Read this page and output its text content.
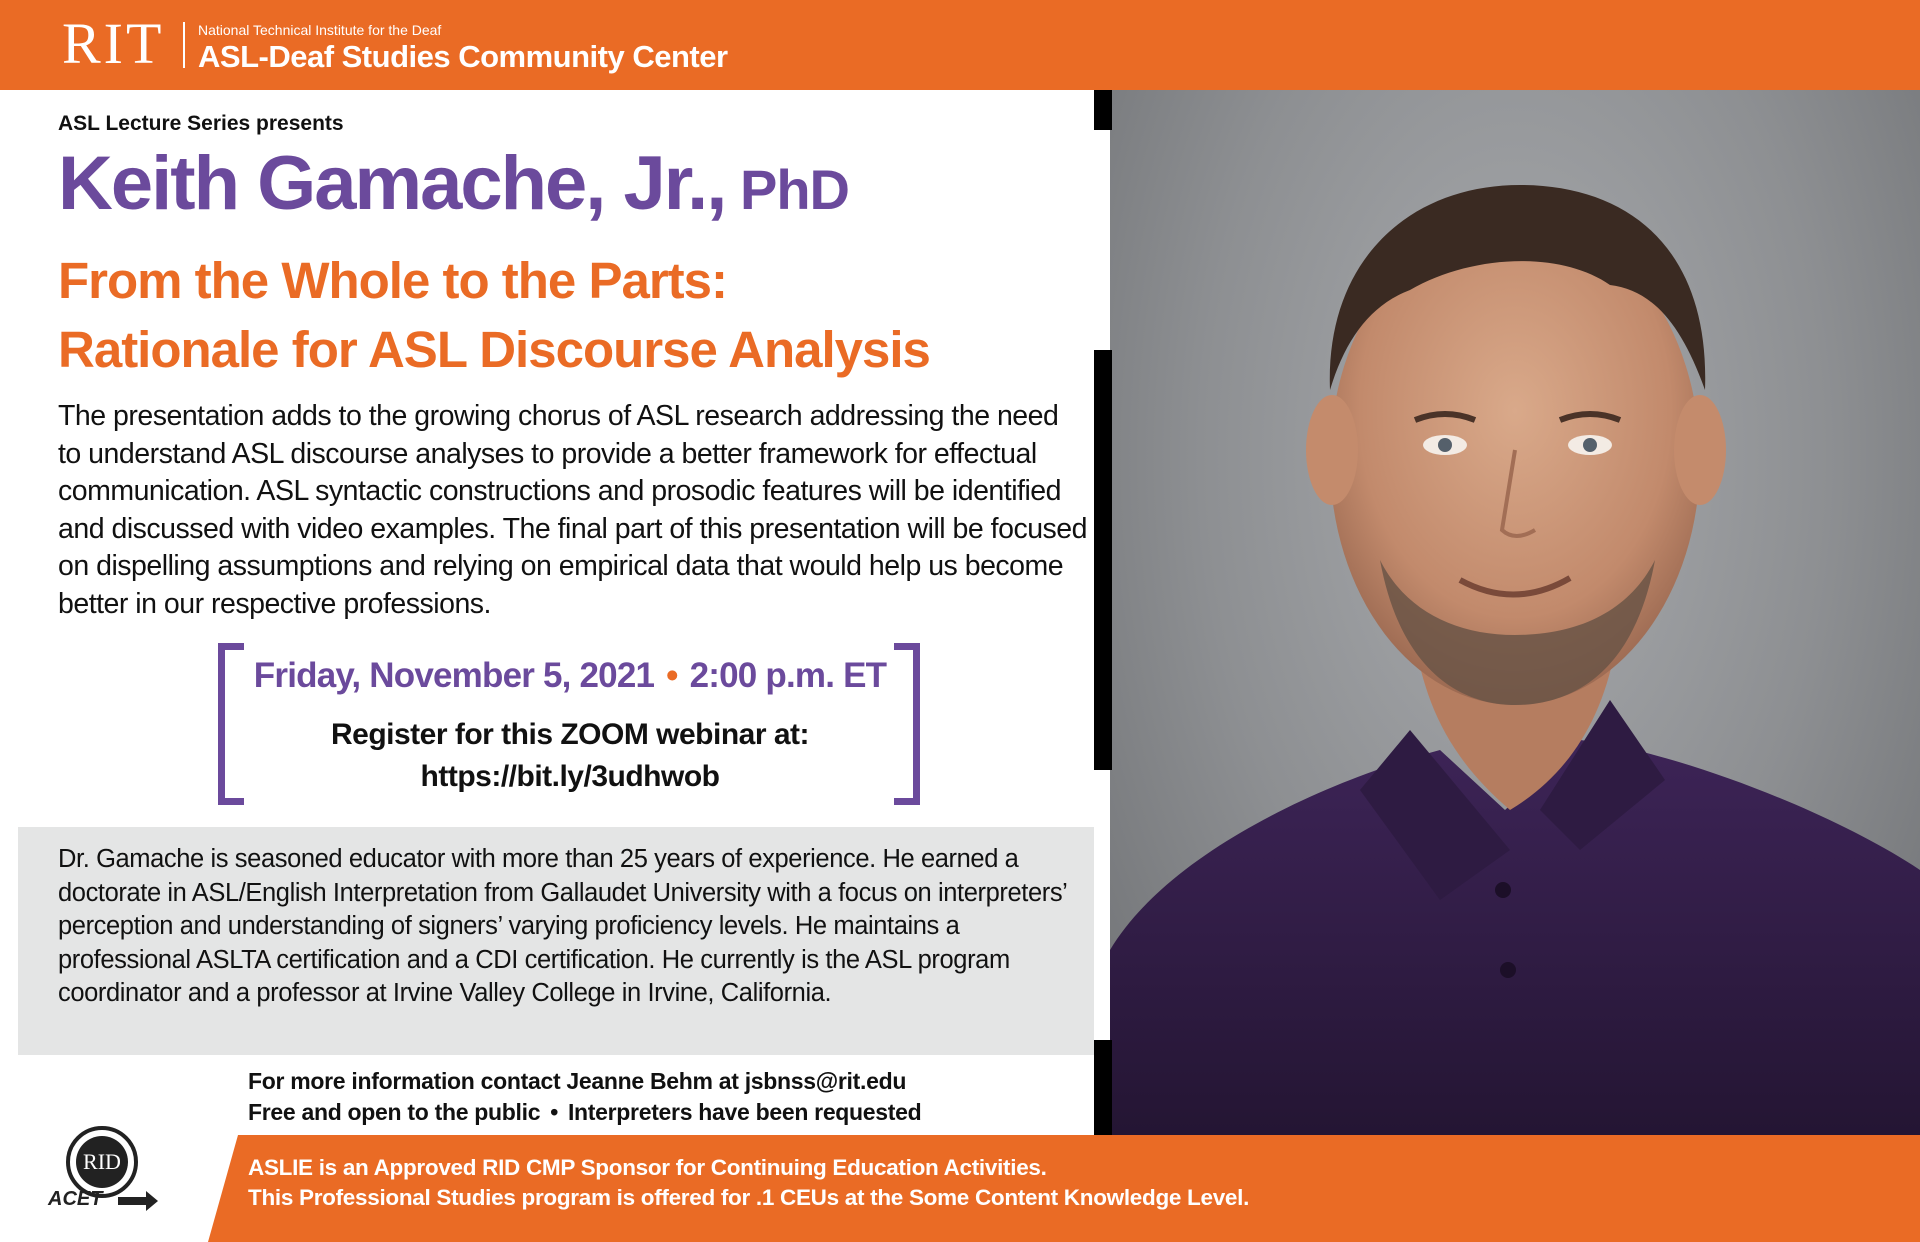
RIT National Technical Institute for the Deaf
ASL-Deaf Studies Community Center
ASL Lecture Series presents
Keith Gamache, Jr., PhD
From the Whole to the Parts:
Rationale for ASL Discourse Analysis
The presentation adds to the growing chorus of ASL research addressing the need to understand ASL discourse analyses to provide a better framework for effectual communication. ASL syntactic constructions and prosodic features will be identified and discussed with video examples. The final part of this presentation will be focused on dispelling assumptions and relying on empirical data that would help us become better in our respective professions.
Friday, November 5, 2021 • 2:00 p.m. ET
Register for this ZOOM webinar at:
https://bit.ly/3udhwob
Dr. Gamache is seasoned educator with more than 25 years of experience. He earned a doctorate in ASL/English Interpretation from Gallaudet University with a focus on interpreters’ perception and understanding of signers’ varying proficiency levels. He maintains a professional ASLTA certification and a CDI certification. He currently is the ASL program coordinator and a professor at Irvine Valley College in Irvine, California.
For more information contact Jeanne Behm at jsbnss@rit.edu
Free and open to the public • Interpreters have been requested
ASLIE is an Approved RID CMP Sponsor for Continuing Education Activities.
This Professional Studies program is offered for .1 CEUs at the Some Content Knowledge Level.
RID
ACET
